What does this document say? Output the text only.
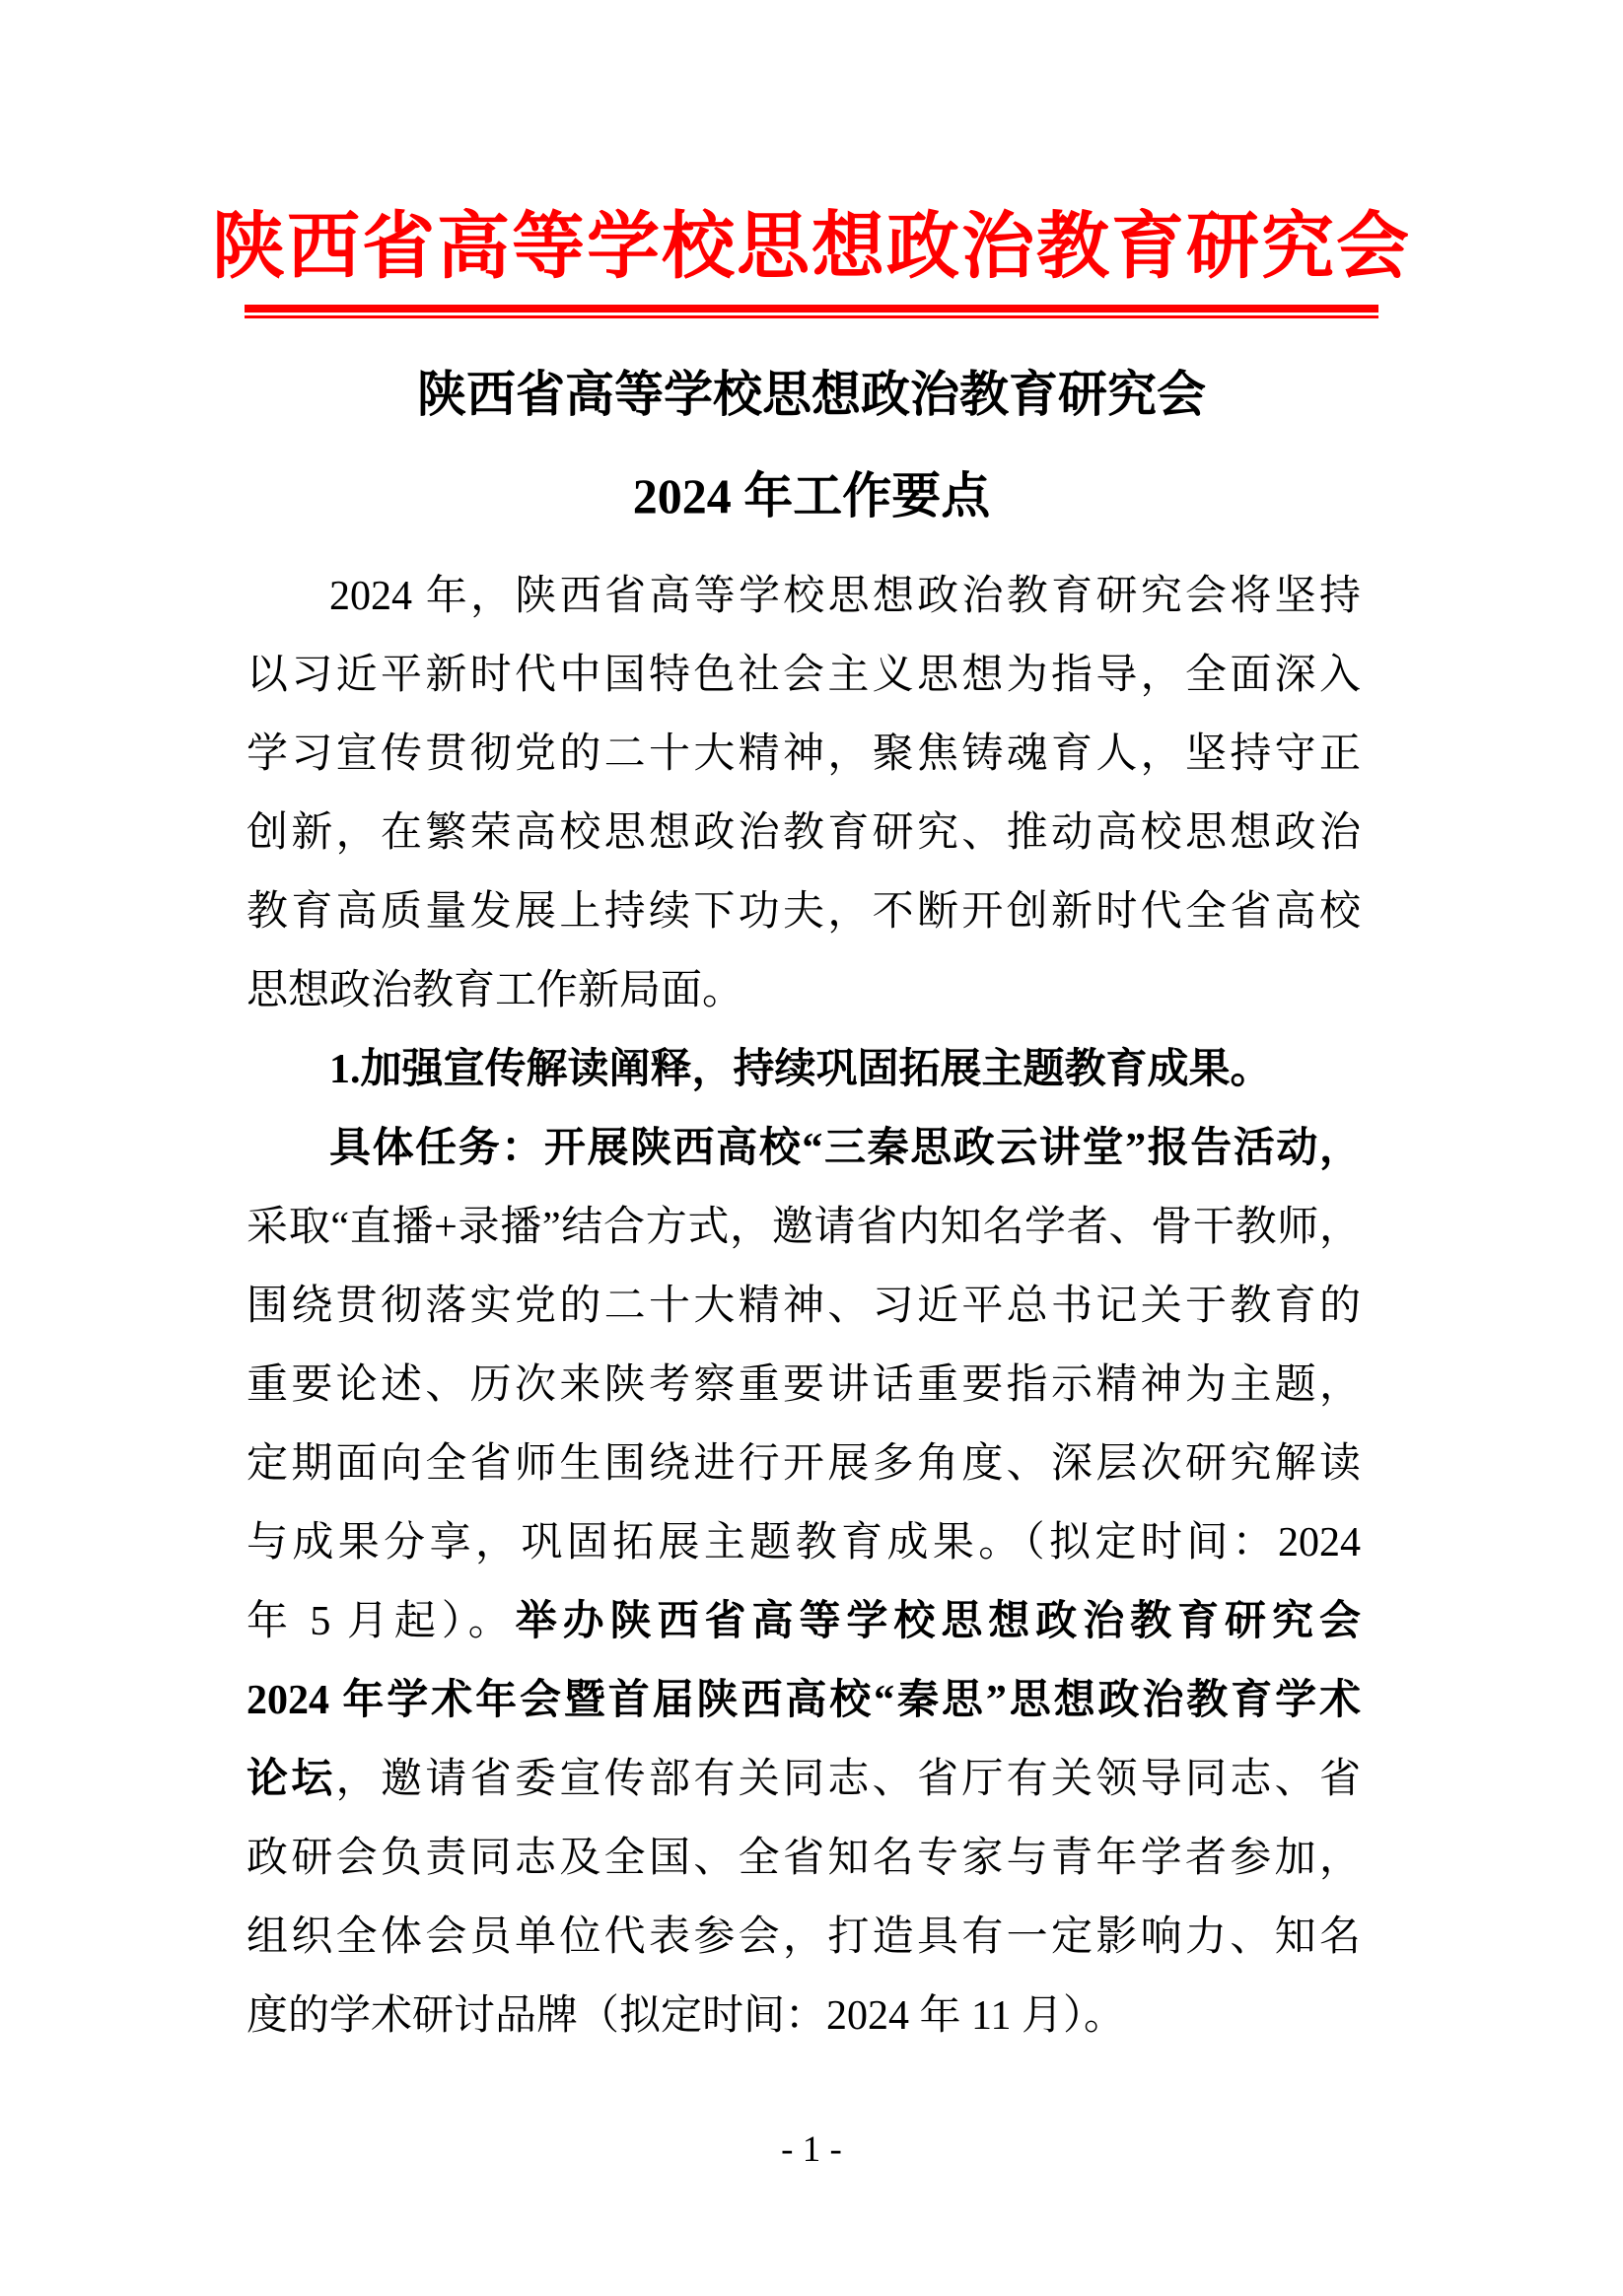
陕西省高等学校思想政治教育研究会
陕西省高等学校思想政治教育研究会
2024 年工作要点
2024 年，陕西省高等学校思想政治教育研究会将坚持
以习近平新时代中国特色社会主义思想为指导，全面深入
学习宣传贯彻党的二十大精神，聚焦铸魂育人，坚持守正
创新，在繁荣高校思想政治教育研究、推动高校思想政治
教育高质量发展上持续下功夫，不断开创新时代全省高校
思想政治教育工作新局面。
1.加强宣传解读阐释，持续巩固拓展主题教育成果。
具体任务：开展陕西高校“三秦思政云讲堂”报告活动，
采取“直播+录播”结合方式，邀请省内知名学者、骨干教师，
围绕贯彻落实党的二十大精神、习近平总书记关于教育的
重要论述、历次来陕考察重要讲话重要指示精神为主题，
定期面向全省师生围绕进行开展多角度、深层次研究解读
与成果分享，巩固拓展主题教育成果。（拟定时间：2024
年 5 月起）。举办陕西省高等学校思想政治教育研究会
2024 年学术年会暨首届陕西高校“秦思”思想政治教育学术
论坛，邀请省委宣传部有关同志、省厅有关领导同志、省
政研会负责同志及全国、全省知名专家与青年学者参加，
组织全体会员单位代表参会，打造具有一定影响力、知名
度的学术研讨品牌（拟定时间：2024 年 11 月）。
- 1 -
